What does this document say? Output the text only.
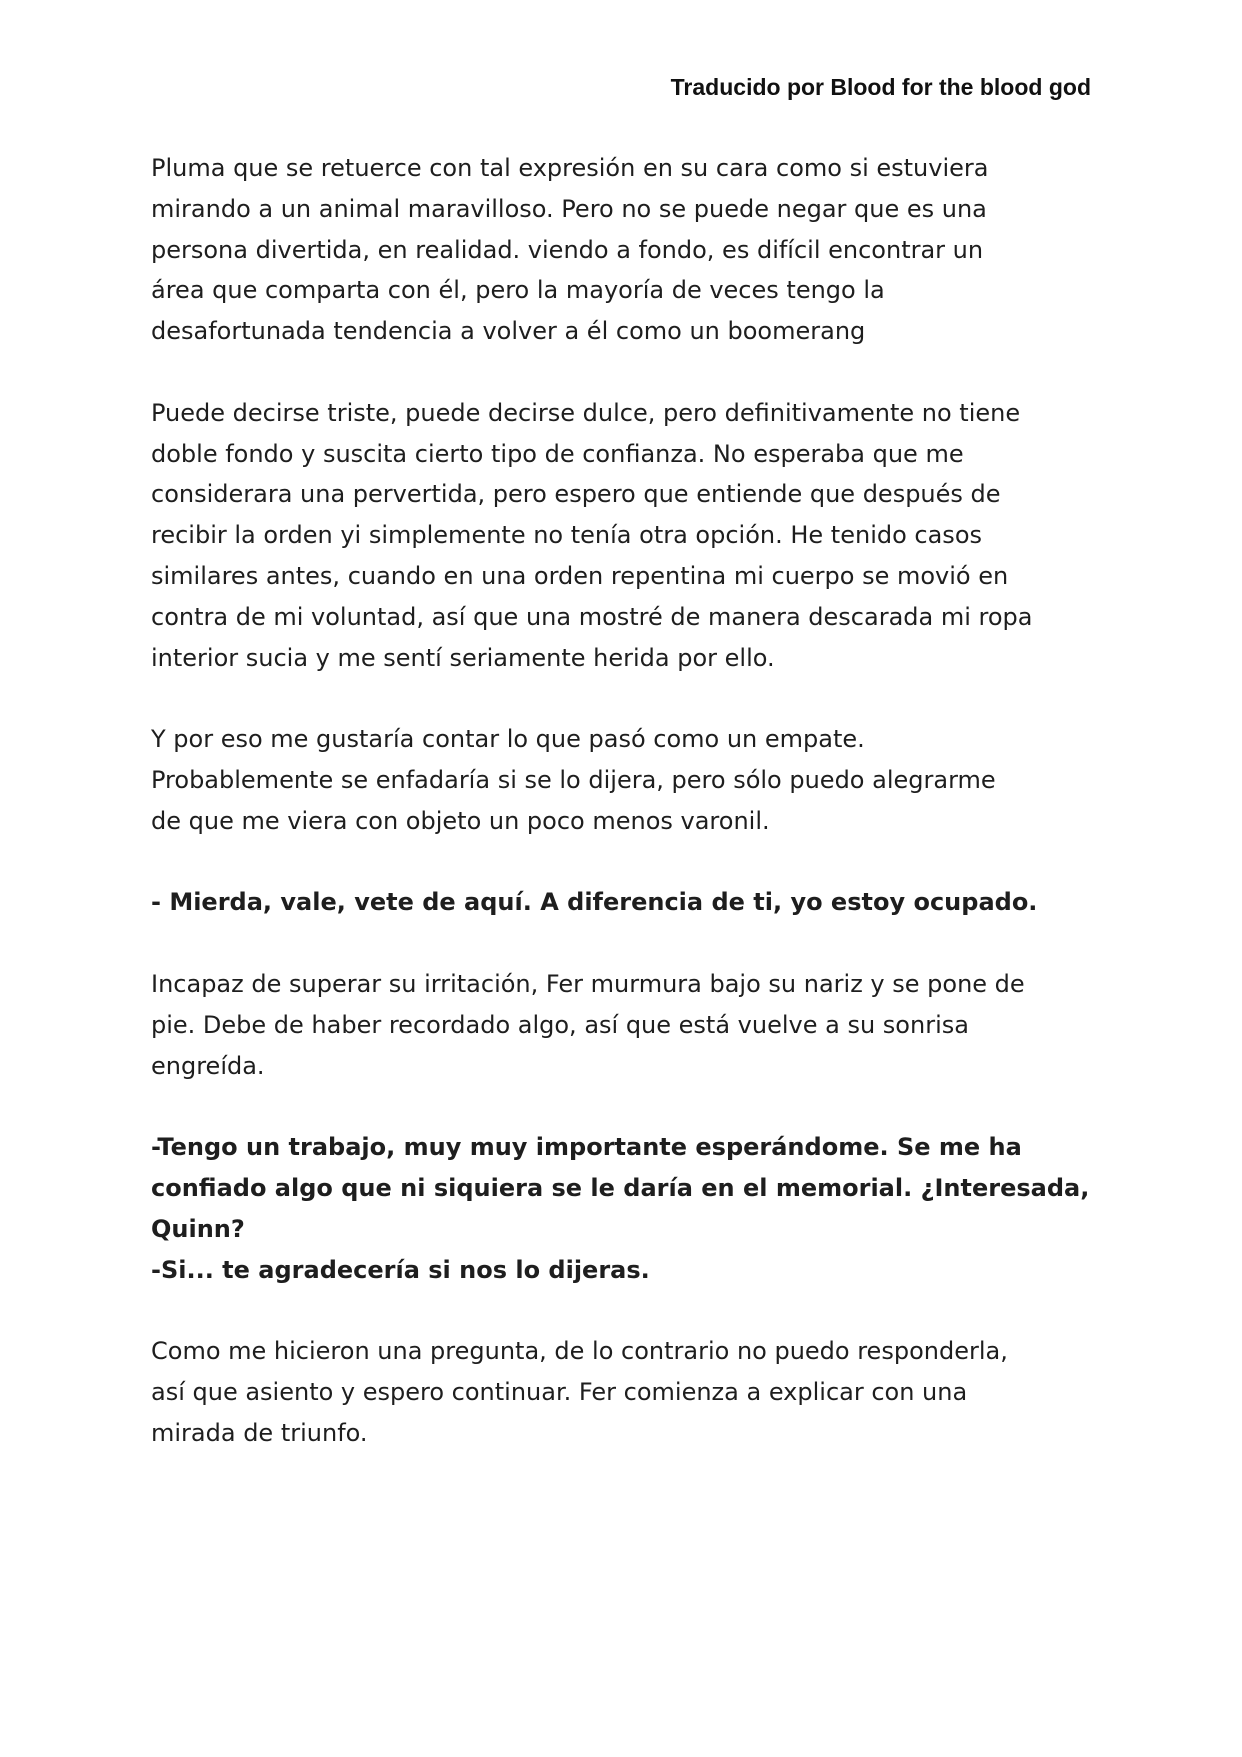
Traducido por Blood for the blood god

Pluma que se retuerce con tal expresión en su cara como si estuviera
mirando a un animal maravilloso. Pero no se puede negar que es una
persona divertida, en realidad. viendo a fondo, es difícil encontrar un
área que comparta con él, pero la mayoría de veces tengo la
desafortunada tendencia a volver a él como un boomerang

Puede decirse triste, puede decirse dulce, pero definitivamente no tiene
doble fondo y suscita cierto tipo de confianza. No esperaba que me
considerara una pervertida, pero espero que entiende que después de
recibir la orden yi simplemente no tenía otra opción. He tenido casos
similares antes, cuando en una orden repentina mi cuerpo se movió en
contra de mi voluntad, así que una mostré de manera descarada mi ropa
interior sucia y me sentí seriamente herida por ello.

Y por eso me gustaría contar lo que pasó como un empate.
Probablemente se enfadaría si se lo dijera, pero sólo puedo alegrarme
de que me viera con objeto un poco menos varonil.

- Mierda, vale, vete de aquí. A diferencia de ti, yo estoy ocupado.

Incapaz de superar su irritación, Fer murmura bajo su nariz y se pone de
pie. Debe de haber recordado algo, así que está vuelve a su sonrisa
engreída.

-Tengo un trabajo, muy muy importante esperándome. Se me ha
confiado algo que ni siquiera se le daría en el memorial. ¿Interesada,
Quinn?
-Si... te agradecería si nos lo dijeras.

Como me hicieron una pregunta, de lo contrario no puedo responderla,
así que asiento y espero continuar. Fer comienza a explicar con una
mirada de triunfo.
